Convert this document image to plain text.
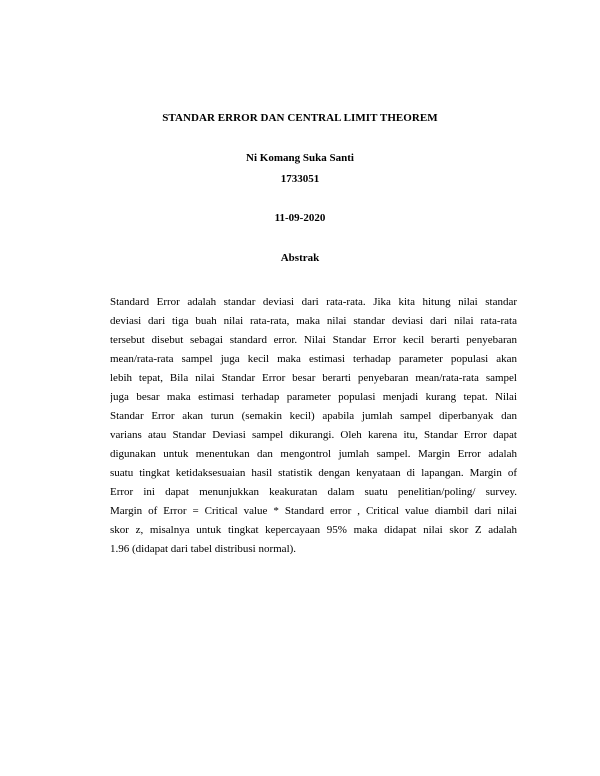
STANDAR ERROR DAN CENTRAL LIMIT THEOREM
Ni Komang Suka Santi
1733051
11-09-2020
Abstrak
Standard Error adalah standar deviasi dari rata-rata. Jika kita hitung nilai standar
deviasi dari tiga buah nilai rata-rata, maka nilai standar deviasi dari nilai rata-rata
tersebut disebut sebagai standard error. Nilai Standar Error kecil berarti penyebaran
mean/rata-rata sampel juga kecil maka estimasi terhadap parameter populasi akan
lebih tepat, Bila nilai Standar Error besar berarti penyebaran mean/rata-rata sampel
juga besar maka estimasi terhadap parameter populasi menjadi kurang tepat. Nilai
Standar Error akan turun (semakin kecil) apabila jumlah sampel diperbanyak dan
varians atau Standar Deviasi sampel dikurangi. Oleh karena itu, Standar Error dapat
digunakan untuk menentukan dan mengontrol jumlah sampel. Margin Error adalah
suatu tingkat ketidaksesuaian hasil statistik dengan kenyataan di lapangan. Margin of
Error ini dapat menunjukkan keakuratan dalam suatu penelitian/poling/ survey.
Margin of Error = Critical value * Standard error , Critical value diambil dari nilai
skor z, misalnya untuk tingkat kepercayaan 95% maka didapat nilai skor Z adalah
1.96 (didapat dari tabel distribusi normal).
